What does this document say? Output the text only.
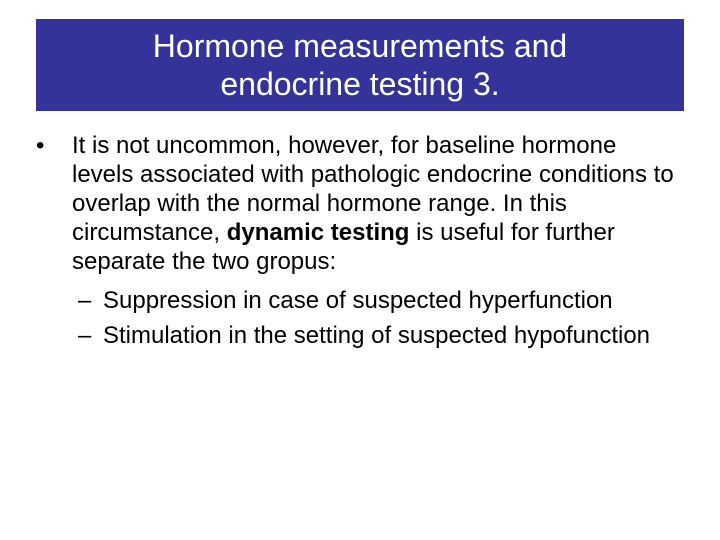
Hormone measurements and
endocrine testing 3.
•	It is not uncommon, however, for baseline hormone levels associated with pathologic endocrine conditions to overlap with the normal hormone range. In this circumstance, dynamic testing is useful for further separate the two gropus:
– Suppression in case of suspected hyperfunction
– Stimulation in the setting of suspected hypofunction
